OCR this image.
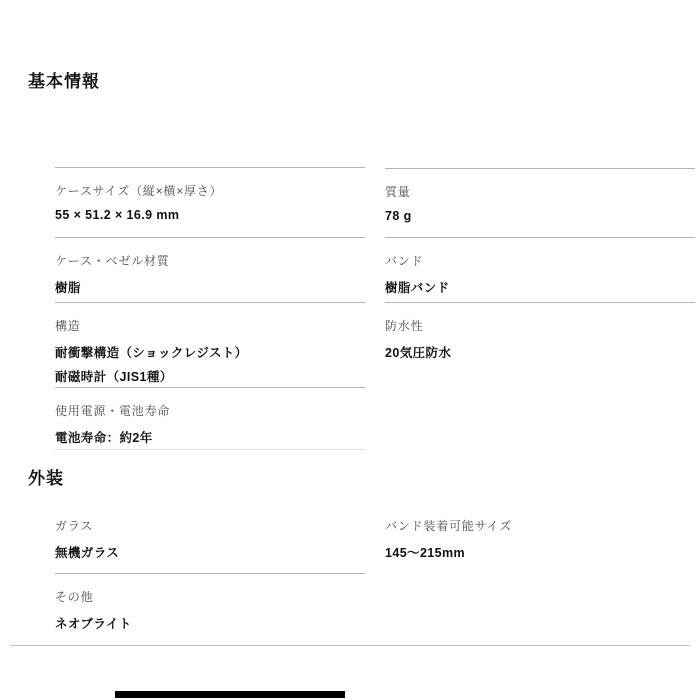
基本情報
ケースサイズ（縦×横×厚さ）
55 × 51.2 × 16.9 mm
ケース・ベゼル材質
樹脂
構造
耐衝撃構造（ショックレジスト）
耐磁時計（JIS1種）
使用電源・電池寿命
電池寿命：約2年
質量
78 g
バンド
樹脂バンド
防水性
20気圧防水
外装
ガラス
無機ガラス
その他
ネオブライト
バンド装着可能サイズ
145～215mm
